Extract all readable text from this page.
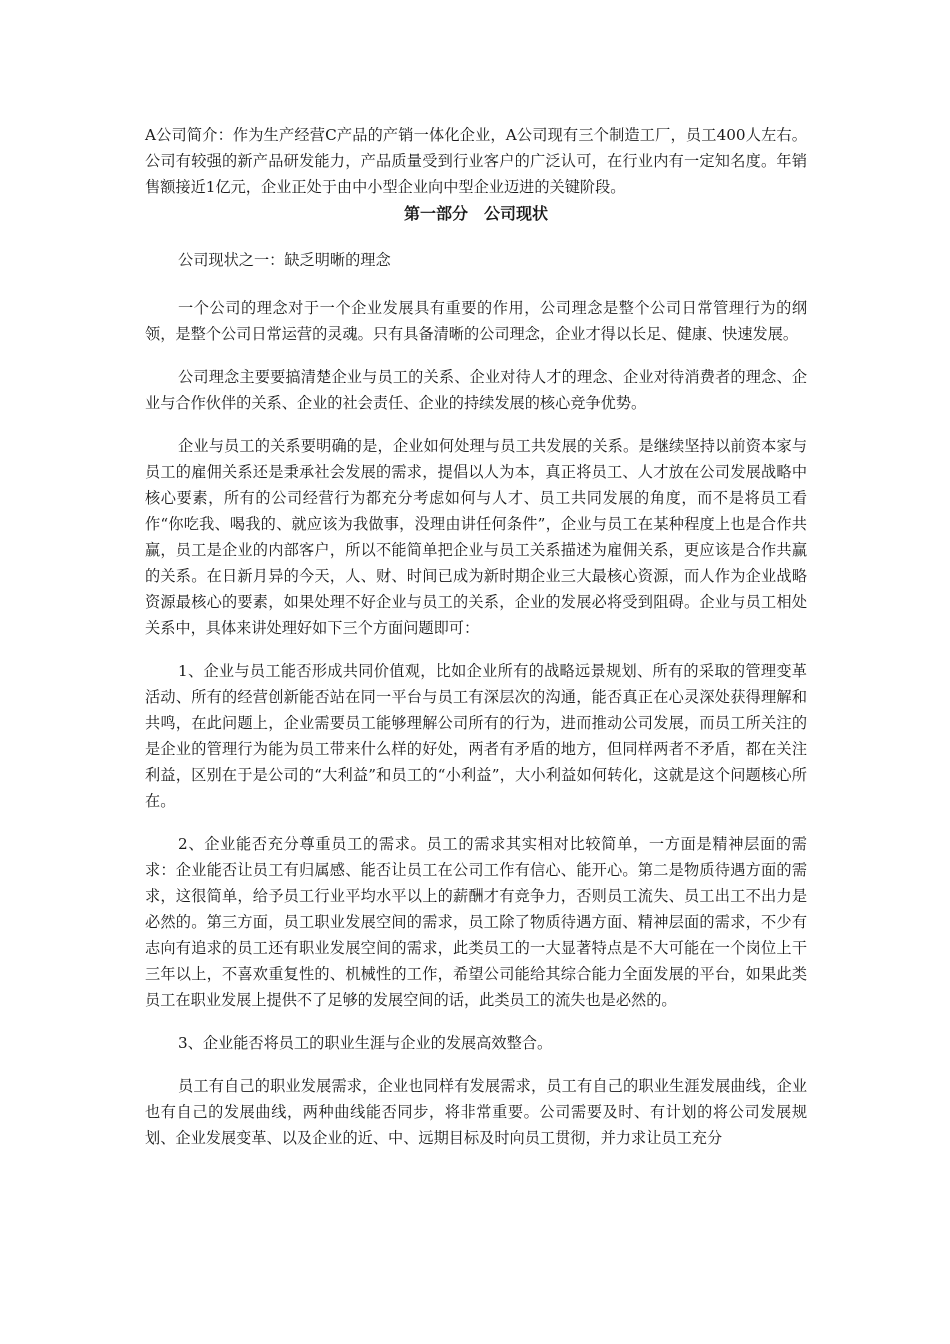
A公司简介：作为生产经营C产品的产销一体化企业，A公司现有三个制造工厂，员工400人左右。公司有较强的新产品研发能力，产品质量受到行业客户的广泛认可，在行业内有一定知名度。年销售额接近1亿元，企业正处于由中小型企业向中型企业迈进的关键阶段。

第一部分　公司现状

公司现状之一：缺乏明晰的理念

一个公司的理念对于一个企业发展具有重要的作用，公司理念是整个公司日常管理行为的纲领，是整个公司日常运营的灵魂。只有具备清晰的公司理念，企业才得以长足、健康、快速发展。

公司理念主要要搞清楚企业与员工的关系、企业对待人才的理念、企业对待消费者的理念、企业与合作伙伴的关系、企业的社会责任、企业的持续发展的核心竞争优势。

企业与员工的关系要明确的是，企业如何处理与员工共发展的关系。是继续坚持以前资本家与员工的雇佣关系还是秉承社会发展的需求，提倡以人为本，真正将员工、人才放在公司发展战略中核心要素，所有的公司经营行为都充分考虑如何与人才、员工共同发展的角度，而不是将员工看作“你吃我、喝我的、就应该为我做事，没理由讲任何条件”，企业与员工在某种程度上也是合作共赢，员工是企业的内部客户，所以不能简单把企业与员工关系描述为雇佣关系，更应该是合作共赢的关系。在日新月异的今天，人、财、时间已成为新时期企业三大最核心资源，而人作为企业战略资源最核心的要素，如果处理不好企业与员工的关系，企业的发展必将受到阻碍。企业与员工相处关系中，具体来讲处理好如下三个方面问题即可：

1、企业与员工能否形成共同价值观，比如企业所有的战略远景规划、所有的采取的管理变革活动、所有的经营创新能否站在同一平台与员工有深层次的沟通，能否真正在心灵深处获得理解和共鸣，在此问题上，企业需要员工能够理解公司所有的行为，进而推动公司发展，而员工所关注的是企业的管理行为能为员工带来什么样的好处，两者有矛盾的地方，但同样两者不矛盾，都在关注利益，区别在于是公司的“大利益”和员工的“小利益”，大小利益如何转化，这就是这个问题核心所在。

2、企业能否充分尊重员工的需求。员工的需求其实相对比较简单，一方面是精神层面的需求：企业能否让员工有归属感、能否让员工在公司工作有信心、能开心。第二是物质待遇方面的需求，这很简单，给予员工行业平均水平以上的薪酬才有竞争力，否则员工流失、员工出工不出力是必然的。第三方面，员工职业发展空间的需求，员工除了物质待遇方面、精神层面的需求，不少有志向有追求的员工还有职业发展空间的需求，此类员工的一大显著特点是不大可能在一个岗位上干三年以上，不喜欢重复性的、机械性的工作，希望公司能给其综合能力全面发展的平台，如果此类员工在职业发展上提供不了足够的发展空间的话，此类员工的流失也是必然的。

3、企业能否将员工的职业生涯与企业的发展高效整合。

员工有自己的职业发展需求，企业也同样有发展需求，员工有自己的职业生涯发展曲线，企业也有自己的发展曲线，两种曲线能否同步，将非常重要。公司需要及时、有计划的将公司发展规划、企业发展变革、以及企业的近、中、远期目标及时向员工贯彻，并力求让员工充分
